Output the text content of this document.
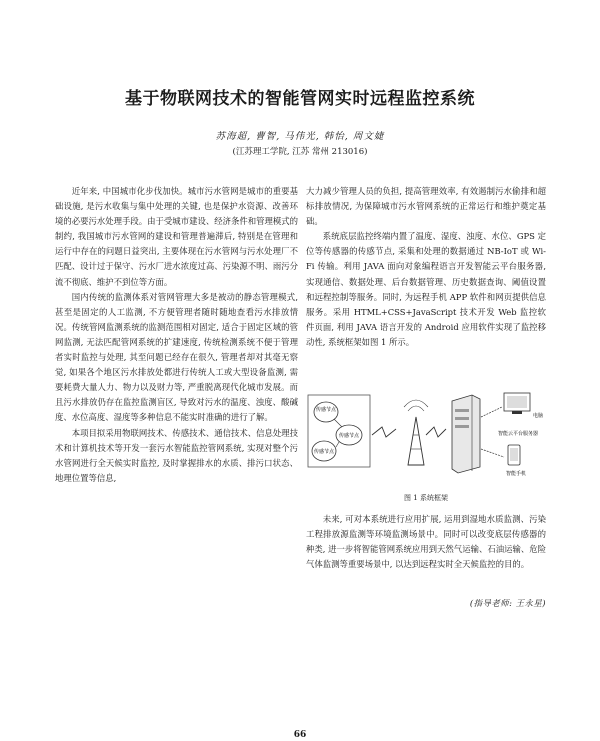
基于物联网技术的智能管网实时远程监控系统
苏海超, 曹智, 马伟光, 韩怡, 周文婕
(江苏理工学院, 江苏 常州 213016)

近年来, 中国城市化步伐加快。城市污水管网是城市的重要基础设施, 是污水收集与集中处理的关键, 也是保护水资源、改善环境的必要污水处理手段。由于受城市建设、经济条件和管理模式的制约, 我国城市污水管网的建设和管理普遍滞后, 特别是在管理和运行中存在的问题日益突出, 主要体现在污水管网与污水处理厂不匹配、设计过于保守、污水厂进水浓度过高、污染源不明、雨污分流不彻底、维护不到位等方面。

国内传统的监测体系对管网管理大多是被动的静态管理模式, 甚至是固定的人工监测, 不方便管理者随时随地查看污水排放情况。传统管网监测系统的监测范围相对固定, 适合于固定区域的管网监测, 无法匹配管网系统的扩建速度, 传统检测系统不便于管理者实时监控与处理, 其至问题已经存在很久, 管理者却对其毫无察觉, 如果各个地区污水排放处都进行传统人工或大型设备监测, 需要耗费大量人力、物力以及财力等, 严重脱离现代化城市发展。而且污水排放仍存在监控监测盲区, 导致对污水的温度、浊度、酸碱度、水位高度、湿度等多种信息不能实时准确的进行了解。

本项目拟采用物联网技术、传感技术、通信技术、信息处理技术和计算机技术等开发一套污水智能监控管网系统, 实现对整个污水管网进行全天候实时监控, 及时掌握排水的水质、排污口状态、地理位置等信息,

大力减少管理人员的负担, 提高管理效率, 有效遏制污水偷排和超标排放情况, 为保障城市污水管网系统的正常运行和维护奠定基础。

系统底层监控终端内置了温度、湿度、浊度、水位、GPS 定位等传感器的传感节点, 采集和处理的数据通过 NB-IoT 或 Wi-Fi 传输。利用 JAVA 面向对象编程语言开发智能云平台服务器, 实现通信、数据处理、后台数据管理、历史数据查询、阈值设置和远程控制等服务。同时, 为远程手机 APP 软件和网页提供信息服务。采用 HTML+CSS+JavaScript 技术开发 Web 监控软件页面, 利用 JAVA 语言开发的 Android 应用软件实现了监控移动性, 系统框架如图 1 所示。

传感节点
传感节点
传感节点
电脑
智能云平台服务器
智能手机
图 1 系统框架

未来, 可对本系统进行应用扩展, 运用到湿地水质监测、污染工程排放源监测等环境监测场景中。同时可以改变底层传感器的种类, 进一步将智能管网系统应用到天然气运输、石油运输、危险气体监测等重要场景中, 以达到远程实时全天候监控的目的。

(指导老师: 王永星)
66
